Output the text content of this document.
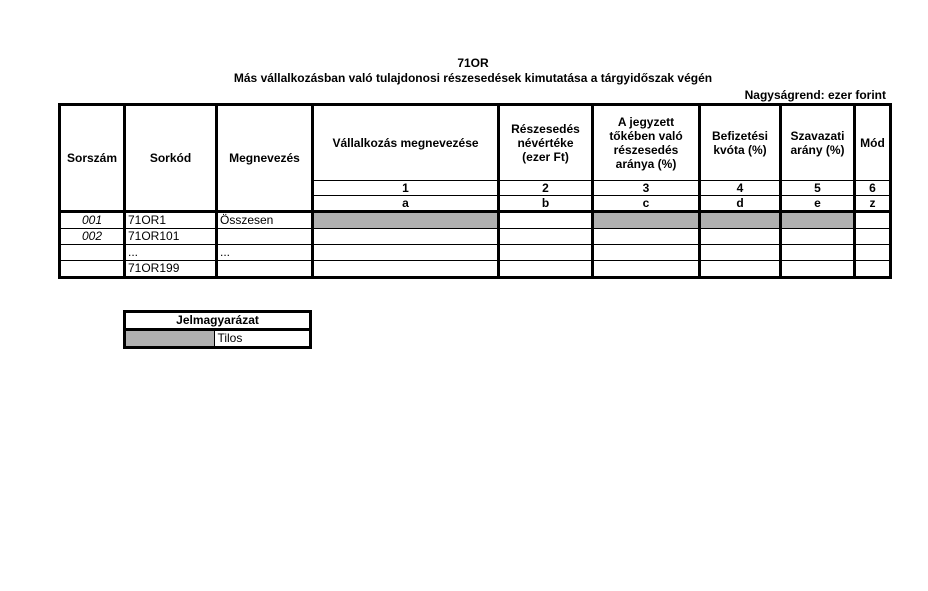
71OR
Más vállalkozásban való tulajdonosi részesedések kimutatása a tárgyidőszak végén
Nagyságrend: ezer forint
Sorszám	Sorkód	Megnevezés	Vállalkozás megnevezése	Részesedés névértéke (ezer Ft)	A jegyzett tőkében való részesedés aránya (%)	Befizetési kvóta (%)	Szavazati arány (%)	Mód
			1	2	3	4	5	6
			a	b	c	d	e	z
001	71OR1	Összesen						
002	71OR101							
	...	...						
	71OR199							
Jelmagyarázat
	Tilos
